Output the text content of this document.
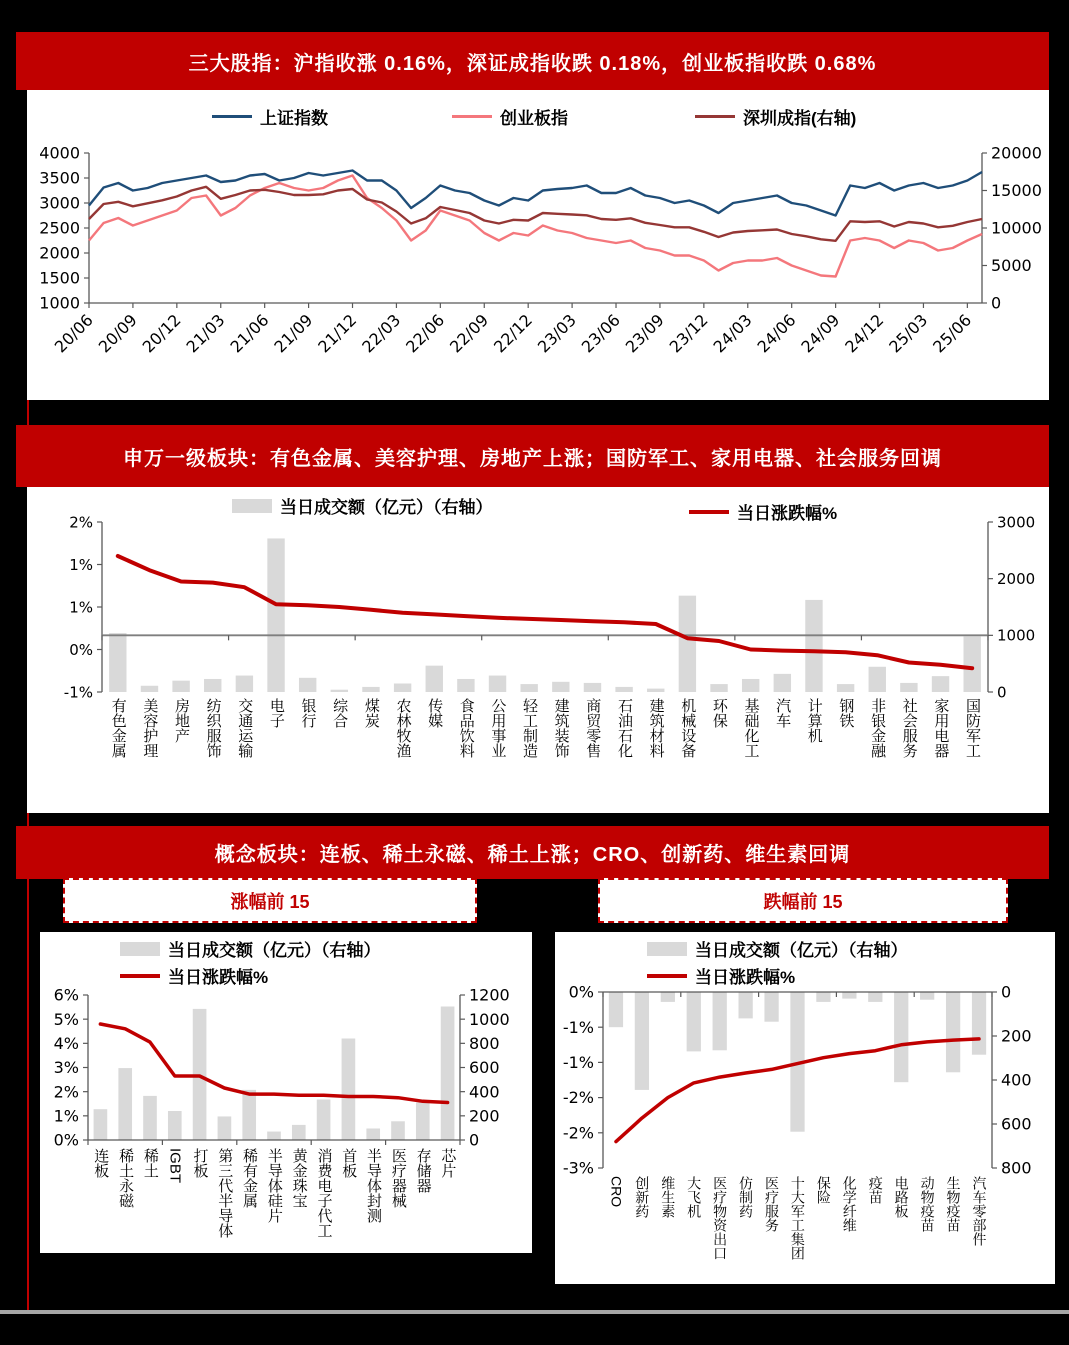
三大股指：沪指收涨 0.16%，深证成指收跌 0.18%，创业板指收跌 0.68%
4000
3500
3000
2500
2000
1500
1000
20000
15000
10000
5000
0
20/06
20/09
20/12
21/03
21/06
21/09
21/12
22/03
22/06
22/09
22/12
23/03
23/06
23/09
23/12
24/03
24/06
24/09
24/12
25/03
25/06
上证指数	创业板指	深圳成指(右轴)
申万一级板块：有色金属、美容护理、房地产上涨；国防军工、家用电器、社会服务回调
2%
1%
1%
0%
-1%
3000
2000
1000
0
有色金属 美容护理 房地产 纺织服饰 交通运输 电子 银行 综合 煤炭 农林牧渔 传媒 食品饮料 公用事业 轻工制造 建筑装饰 商贸零售 石油石化 建筑材料 机械设备 环保 基础化工 汽车 计算机 钢铁 非银金融 社会服务 家用电器 国防军工
当日成交额（亿元）（右轴）	当日涨跌幅%
概念板块：连板、稀土永磁、稀土上涨；CRO、创新药、维生素回调
涨幅前 15	跌幅前 15
6%
5%
4%
3%
2%
1%
0%
1200
1000
800
600
400
200
0
连板 稀土永磁 稀土 IGBT 打板 第三代半导体 稀有金属 半导体硅片 黄金珠宝 消费电子代工 首板 半导体封测 医疗器械 存储器 芯片
当日成交额（亿元）（右轴）
当日涨跌幅%
0%
-1%
-1%
-2%
-2%
-3%
0
200
400
600
800
CRO 创新药 维生素 大飞机 医疗物资出口 仿制药 医疗服务 十大军工集团 保险 化学纤维 疫苗 电路板 动物疫苗 生物疫苗 汽车零部件
当日成交额（亿元）（右轴）
当日涨跌幅%
